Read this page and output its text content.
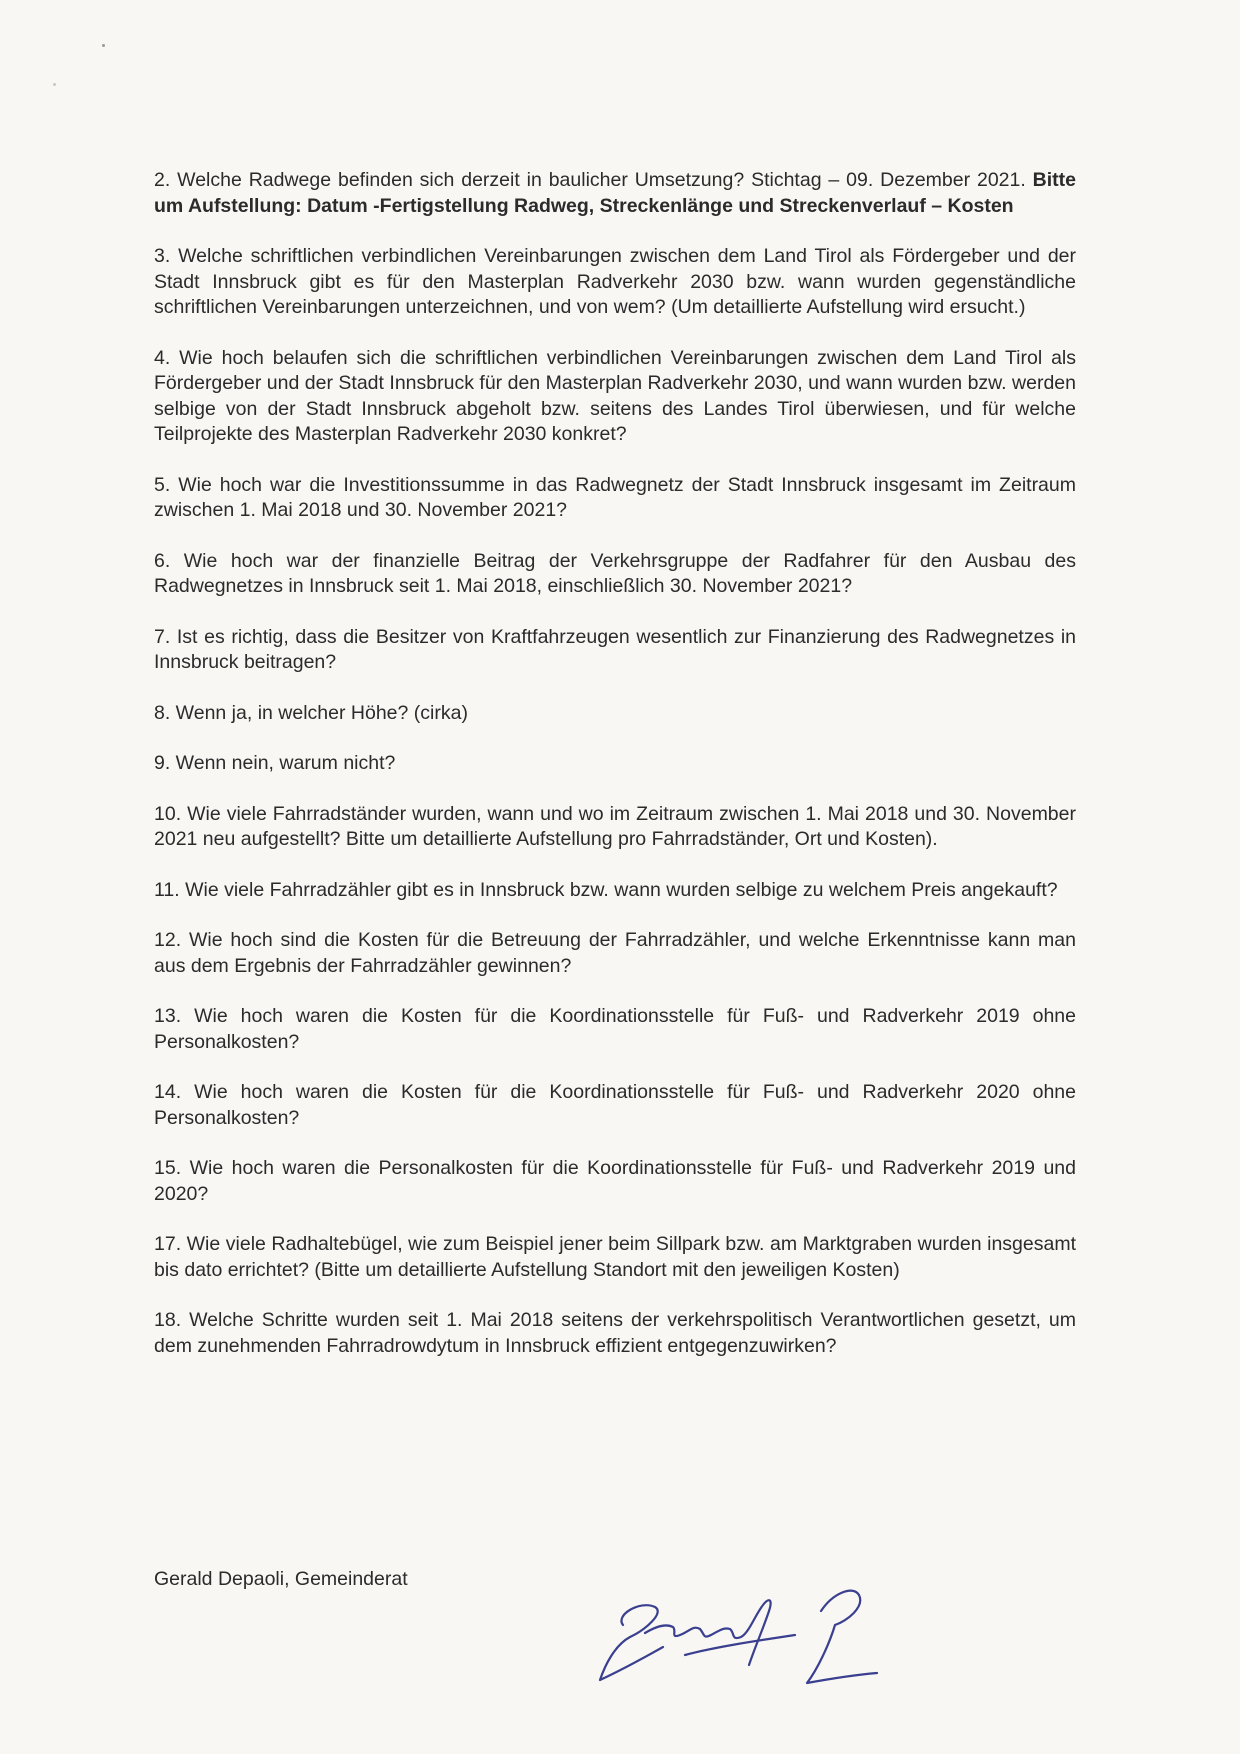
2. Welche Radwege befinden sich derzeit in baulicher Umsetzung? Stichtag – 09. Dezember 2021. Bitte um Aufstellung: Datum -Fertigstellung Radweg, Streckenlänge und Streckenverlauf – Kosten

3. Welche schriftlichen verbindlichen Vereinbarungen zwischen dem Land Tirol als Fördergeber und der Stadt Innsbruck gibt es für den Masterplan Radverkehr 2030 bzw. wann wurden gegenständliche schriftlichen Vereinbarungen unterzeichnen, und von wem? (Um detaillierte Aufstellung wird ersucht.)

4. Wie hoch belaufen sich die schriftlichen verbindlichen Vereinbarungen zwischen dem Land Tirol als Fördergeber und der Stadt Innsbruck für den Masterplan Radverkehr 2030, und wann wurden bzw. werden selbige von der Stadt Innsbruck abgeholt bzw. seitens des Landes Tirol überwiesen, und für welche Teilprojekte des Masterplan Radverkehr 2030 konkret?

5. Wie hoch war die Investitionssumme in das Radwegnetz der Stadt Innsbruck insgesamt im Zeitraum zwischen 1. Mai 2018 und 30. November 2021?

6. Wie hoch war der finanzielle Beitrag der Verkehrsgruppe der Radfahrer für den Ausbau des Radwegnetzes in Innsbruck seit 1. Mai 2018, einschließlich 30. November 2021?

7. Ist es richtig, dass die Besitzer von Kraftfahrzeugen wesentlich zur Finanzierung des Radwegnetzes in Innsbruck beitragen?

8. Wenn ja, in welcher Höhe? (cirka)

9. Wenn nein, warum nicht?

10. Wie viele Fahrradständer wurden, wann und wo im Zeitraum zwischen 1. Mai 2018 und 30. November 2021 neu aufgestellt? Bitte um detaillierte Aufstellung pro Fahrradständer, Ort und Kosten).

11. Wie viele Fahrradzähler gibt es in Innsbruck bzw. wann wurden selbige zu welchem Preis angekauft?

12. Wie hoch sind die Kosten für die Betreuung der Fahrradzähler, und welche Erkenntnisse kann man aus dem Ergebnis der Fahrradzähler gewinnen?

13. Wie hoch waren die Kosten für die Koordinationsstelle für Fuß- und Radverkehr 2019 ohne Personalkosten?

14. Wie hoch waren die Kosten für die Koordinationsstelle für Fuß- und Radverkehr 2020 ohne Personalkosten?

15. Wie hoch waren die Personalkosten für die Koordinationsstelle für Fuß- und Radverkehr 2019 und 2020?

17. Wie viele Radhaltebügel, wie zum Beispiel jener beim Sillpark bzw. am Marktgraben wurden insgesamt bis dato errichtet? (Bitte um detaillierte Aufstellung Standort mit den jeweiligen Kosten)

18. Welche Schritte wurden seit 1. Mai 2018 seitens der verkehrspolitisch Verantwortlichen gesetzt, um dem zunehmenden Fahrradrowdytum in Innsbruck effizient entgegenzuwirken?

Gerald Depaoli, Gemeinderat
